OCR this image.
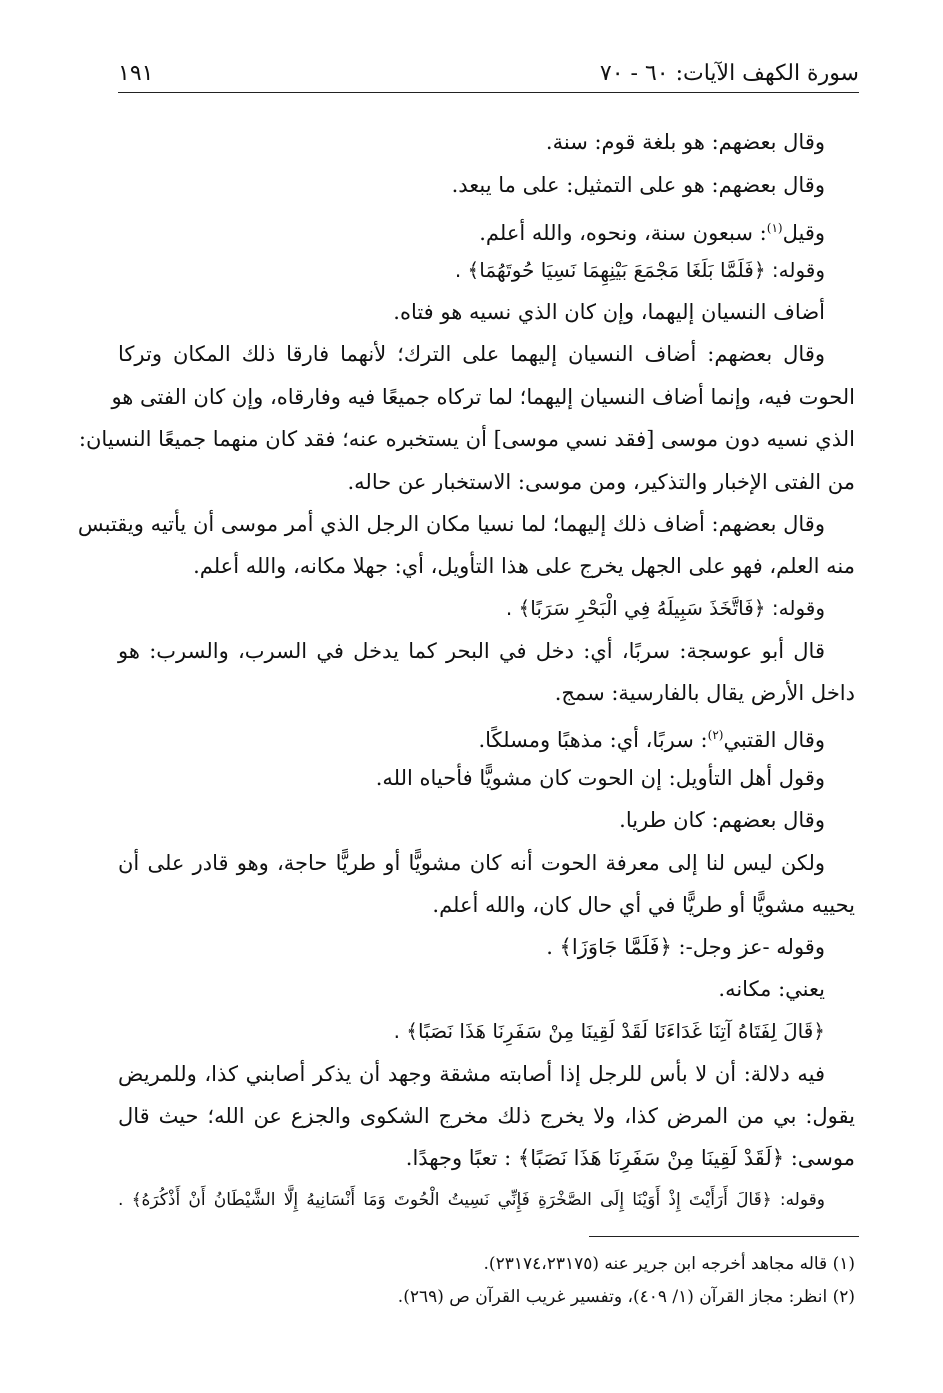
سورة الكهف الآيات: ٦٠ - ٧٠
١٩١
وقال بعضهم: هو بلغة قوم: سنة.
وقال بعضهم: هو على التمثيل: على ما يبعد.
وقيل$^{(١)}$: سبعون سنة، ونحوه، والله أعلم.
وقوله: ﴿فَلَمَّا بَلَغَا مَجْمَعَ بَيْنِهِمَا نَسِيَا حُوتَهُمَا﴾ .
أضاف النسيان إليهما، وإن كان الذي نسيه هو فتاه.
وقال بعضهم: أضاف النسيان إليهما على الترك؛ لأنهما فارقا ذلك المكان وتركا
الحوت فيه، وإنما أضاف النسيان إليهما؛ لما تركاه جميعًا فيه وفارقاه، وإن كان الفتى هو
الذي نسيه دون موسى [فقد نسي موسى] أن يستخبره عنه؛ فقد كان منهما جميعًا النسيان:
من الفتى الإخبار والتذكير، ومن موسى: الاستخبار عن حاله.
وقال بعضهم: أضاف ذلك إليهما؛ لما نسيا مكان الرجل الذي أمر موسى أن يأتيه ويقتبس
منه العلم، فهو على الجهل يخرج على هذا التأويل، أي: جهلا مكانه، والله أعلم.
وقوله: ﴿فَاتَّخَذَ سَبِيلَهُ فِي الْبَحْرِ سَرَبًا﴾ .
قال أبو عوسجة: سربًا، أي: دخل في البحر كما يدخل في السرب، والسرب: هو
داخل الأرض يقال بالفارسية: سمج.
وقال القتبي$^{(٢)}$: سربًا، أي: مذهبًا ومسلكًا.
وقول أهل التأويل: إن الحوت كان مشويًّا فأحياه الله.
وقال بعضهم: كان طريا.
ولكن ليس لنا إلى معرفة الحوت أنه كان مشويًّا أو طريًّا حاجة، وهو قادر على أن
يحييه مشويًّا أو طريًّا في أي حال كان، والله أعلم.
وقوله -عز وجل-: ﴿فَلَمَّا جَاوَزَا﴾ .
يعني: مكانه.
﴿قَالَ لِفَتَاهُ آتِنَا غَدَاءَنَا لَقَدْ لَقِينَا مِنْ سَفَرِنَا هَذَا نَصَبًا﴾ .
فيه دلالة: أن لا بأس للرجل إذا أصابته مشقة وجهد أن يذكر أصابني كذا، وللمريض
يقول: بي من المرض كذا، ولا يخرج ذلك مخرج الشكوى والجزع عن الله؛ حيث قال
موسى: ﴿لَقَدْ لَقِينَا مِنْ سَفَرِنَا هَذَا نَصَبًا﴾ : تعبًا وجهدًا.
وقوله: ﴿قَالَ أَرَأَيْتَ إِذْ أَوَيْنَا إِلَى الصَّخْرَةِ فَإِنِّي نَسِيتُ الْحُوتَ وَمَا أَنْسَانِيهُ إِلَّا الشَّيْطَانُ أَنْ أَذْكُرَهُ﴾ .
(١) قاله مجاهد أخرجه ابن جرير عنه (٢٣١٧٤،٢٣١٧٥).
(٢) انظر: مجاز القرآن (١/ ٤٠٩)، وتفسير غريب القرآن ص (٢٦٩).
